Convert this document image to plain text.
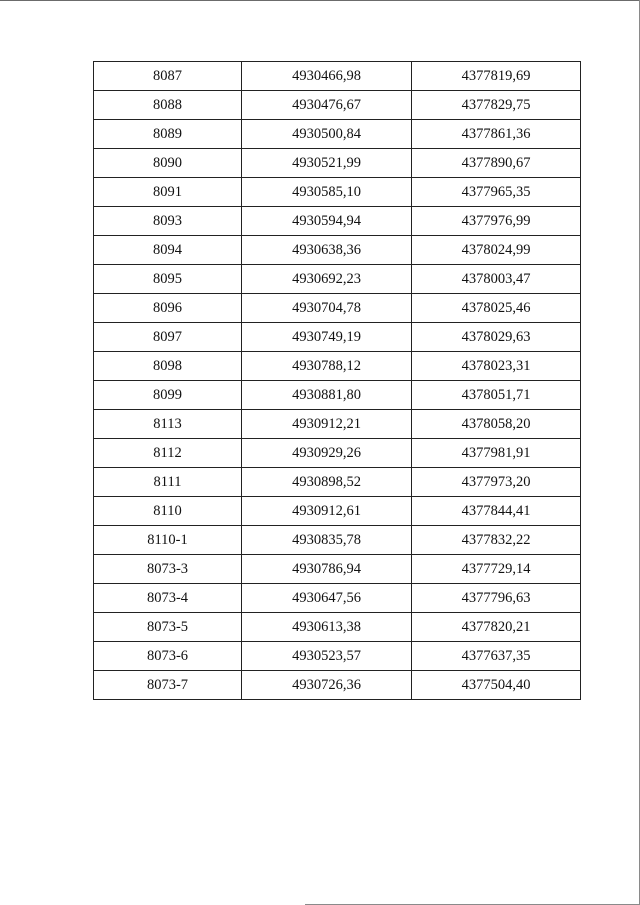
8087	4930466,98	4377819,69
8088	4930476,67	4377829,75
8089	4930500,84	4377861,36
8090	4930521,99	4377890,67
8091	4930585,10	4377965,35
8093	4930594,94	4377976,99
8094	4930638,36	4378024,99
8095	4930692,23	4378003,47
8096	4930704,78	4378025,46
8097	4930749,19	4378029,63
8098	4930788,12	4378023,31
8099	4930881,80	4378051,71
8113	4930912,21	4378058,20
8112	4930929,26	4377981,91
8111	4930898,52	4377973,20
8110	4930912,61	4377844,41
8110-1	4930835,78	4377832,22
8073-3	4930786,94	4377729,14
8073-4	4930647,56	4377796,63
8073-5	4930613,38	4377820,21
8073-6	4930523,57	4377637,35
8073-7	4930726,36	4377504,40
